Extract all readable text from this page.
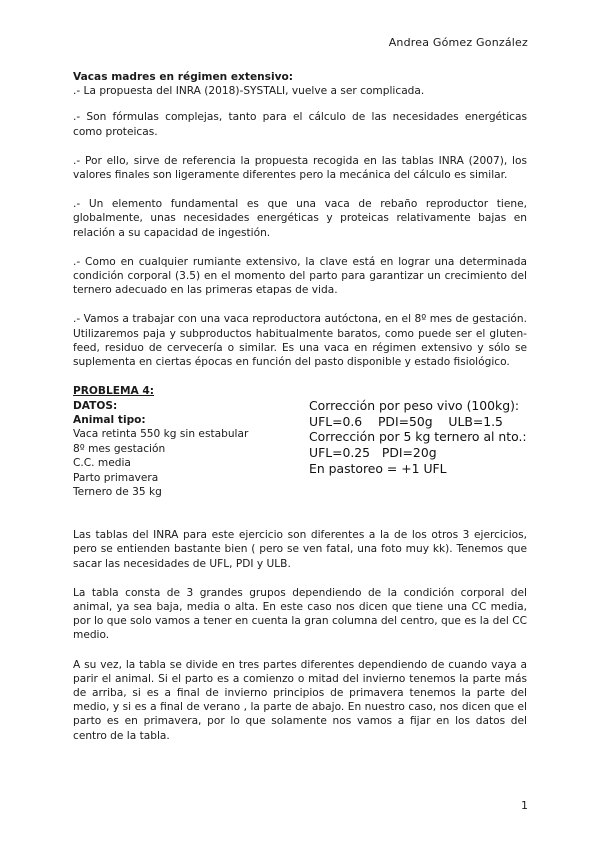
Andrea Gómez González
Vacas madres en régimen extensivo:

.- La propuesta del INRA (2018)-SYSTALI, vuelve a ser complicada.

.- Son fórmulas complejas, tanto para el cálculo de las necesidades energéticas como proteicas.

.- Por ello, sirve de referencia la propuesta recogida en las tablas INRA (2007), los valores finales son ligeramente diferentes pero la mecánica del cálculo es similar.

.- Un elemento fundamental es que una vaca de rebaño reproductor tiene, globalmente, unas necesidades energéticas y proteicas relativamente bajas en relación a su capacidad de ingestión.

.- Como en cualquier rumiante extensivo, la clave está en lograr una determinada condición corporal (3.5) en el momento del parto para garantizar un crecimiento del ternero adecuado en las primeras etapas de vida.

.- Vamos a trabajar con una vaca reproductora autóctona, en el 8º mes de gestación. Utilizaremos paja y subproductos habitualmente baratos, como puede ser el gluten-feed, residuo de cervecería o similar. Es una vaca en régimen extensivo y sólo se suplementa en ciertas épocas en función del pasto disponible y estado fisiológico.

PROBLEMA 4:
DATOS:
Animal tipo:
Vaca retinta 550 kg sin estabular
8º mes gestación
C.C. media
Parto primavera
Ternero de 35 kg
Corrección por peso vivo (100kg):
UFL=0.6    PDI=50g    ULB=1.5
Corrección por 5 kg ternero al nto.:
UFL=0.25   PDI=20g
En pastoreo = +1 UFL

Las tablas del INRA para este ejercicio son diferentes a la de los otros 3 ejercicios, pero se entienden bastante bien ( pero se ven fatal, una foto muy kk). Tenemos que sacar las necesidades de UFL, PDI y ULB.

La tabla consta de 3 grandes grupos dependiendo de la condición corporal del animal, ya sea baja, media o alta. En este caso nos dicen que tiene una CC media, por lo que solo vamos a tener en cuenta la gran columna del centro, que es la del CC medio.

A su vez, la tabla se divide en tres partes diferentes dependiendo de cuando vaya a parir el animal. Si el parto es a comienzo o mitad del invierno tenemos la parte más de arriba, si es a final de invierno principios de primavera tenemos la parte del medio, y si es a final de verano , la parte de abajo. En nuestro caso, nos dicen que el parto es en primavera, por lo que solamente nos vamos a fijar en los datos del centro de la tabla.

1
